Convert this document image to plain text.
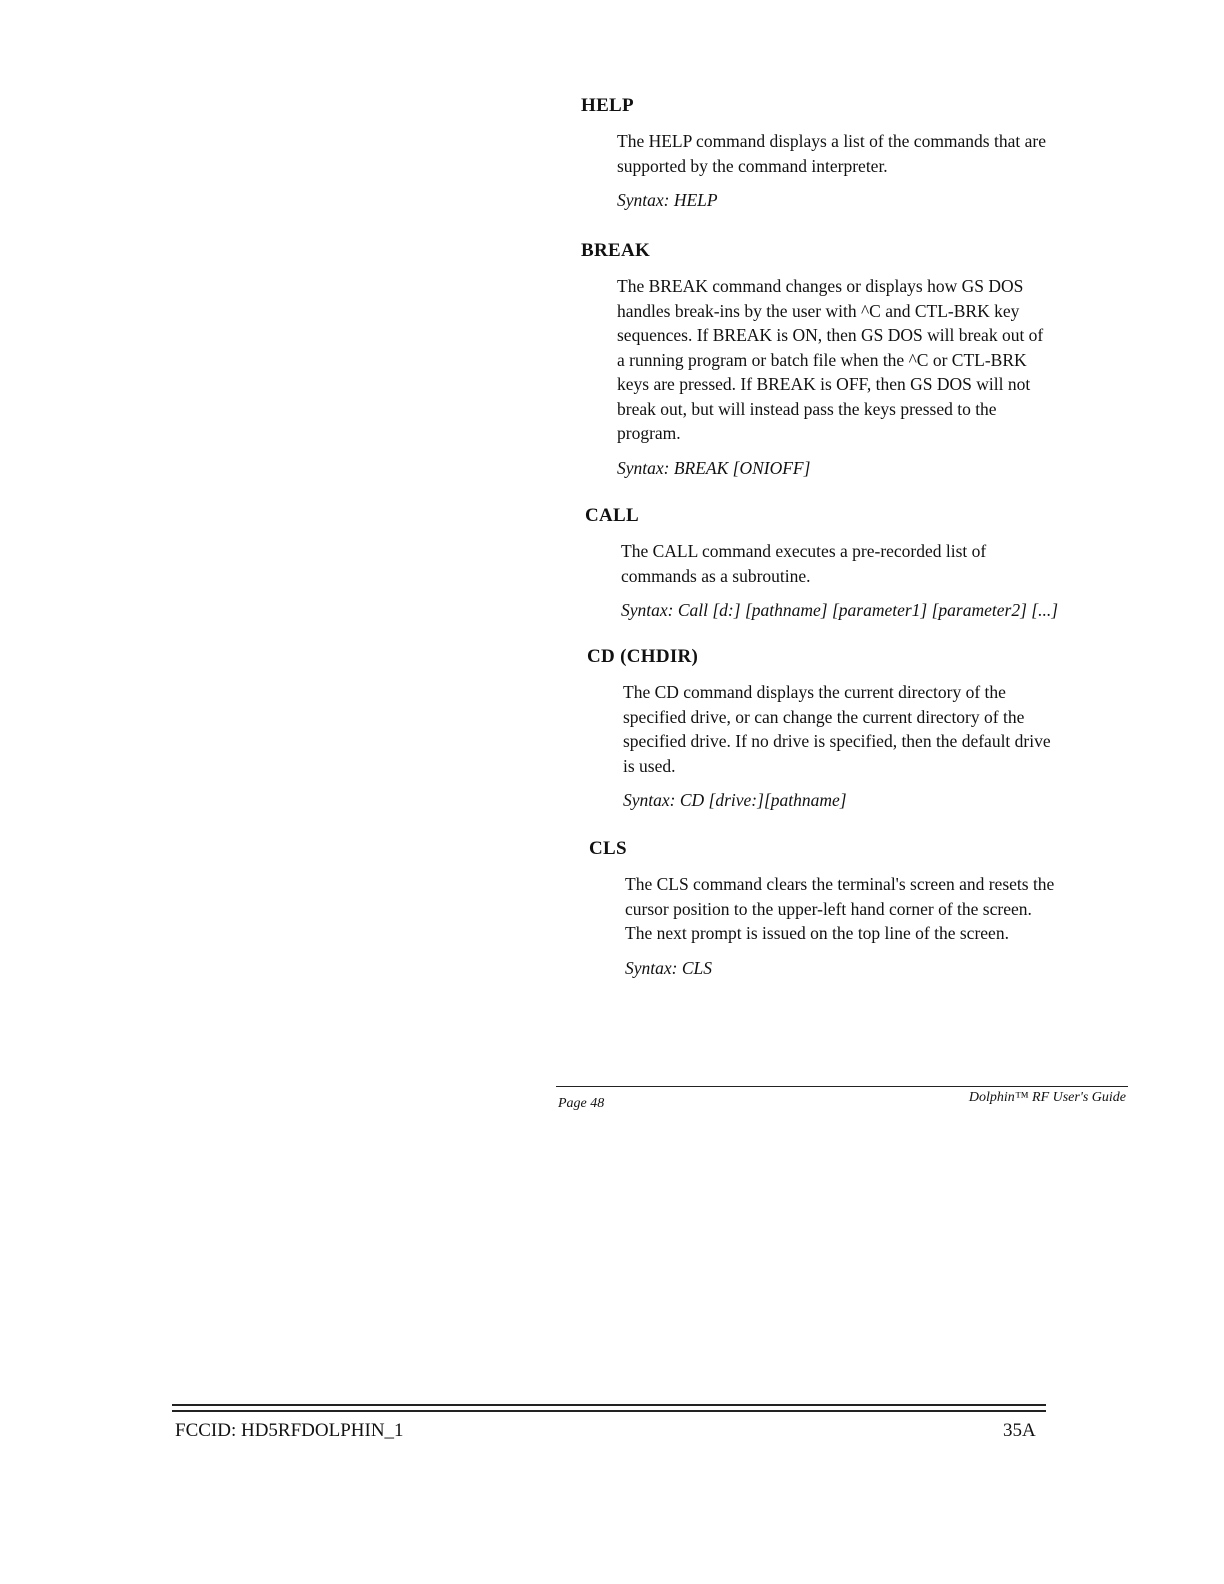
HELP
The HELP command displays a list of the commands that are
supported by the command interpreter.
Syntax: HELP
BREAK
The BREAK command changes or displays how GS DOS
handles break-ins by the user with ^C and CTL-BRK key
sequences. If BREAK is ON, then GS DOS will break out of
a running program or batch file when the ^C or CTL-BRK
keys are pressed. If BREAK is OFF, then GS DOS will not
break out, but will instead pass the keys pressed to the
program.
Syntax: BREAK [ONIOFF]
CALL
The CALL command executes a pre-recorded list of
commands as a subroutine.
Syntax: Call [d:] [pathname] [parameter1] [parameter2] [...]
CD (CHDIR)
The CD command displays the current directory of the
specified drive, or can change the current directory of the
specified drive. If no drive is specified, then the default drive
is used.
Syntax: CD [drive:][pathname]
CLS
The CLS command clears the terminal's screen and resets the
cursor position to the upper-left hand corner of the screen.
The next prompt is issued on the top line of the screen.
Syntax: CLS
Page 48	Dolphin™ RF User's Guide
FCCID: HD5RFDOLPHIN_1	35A
